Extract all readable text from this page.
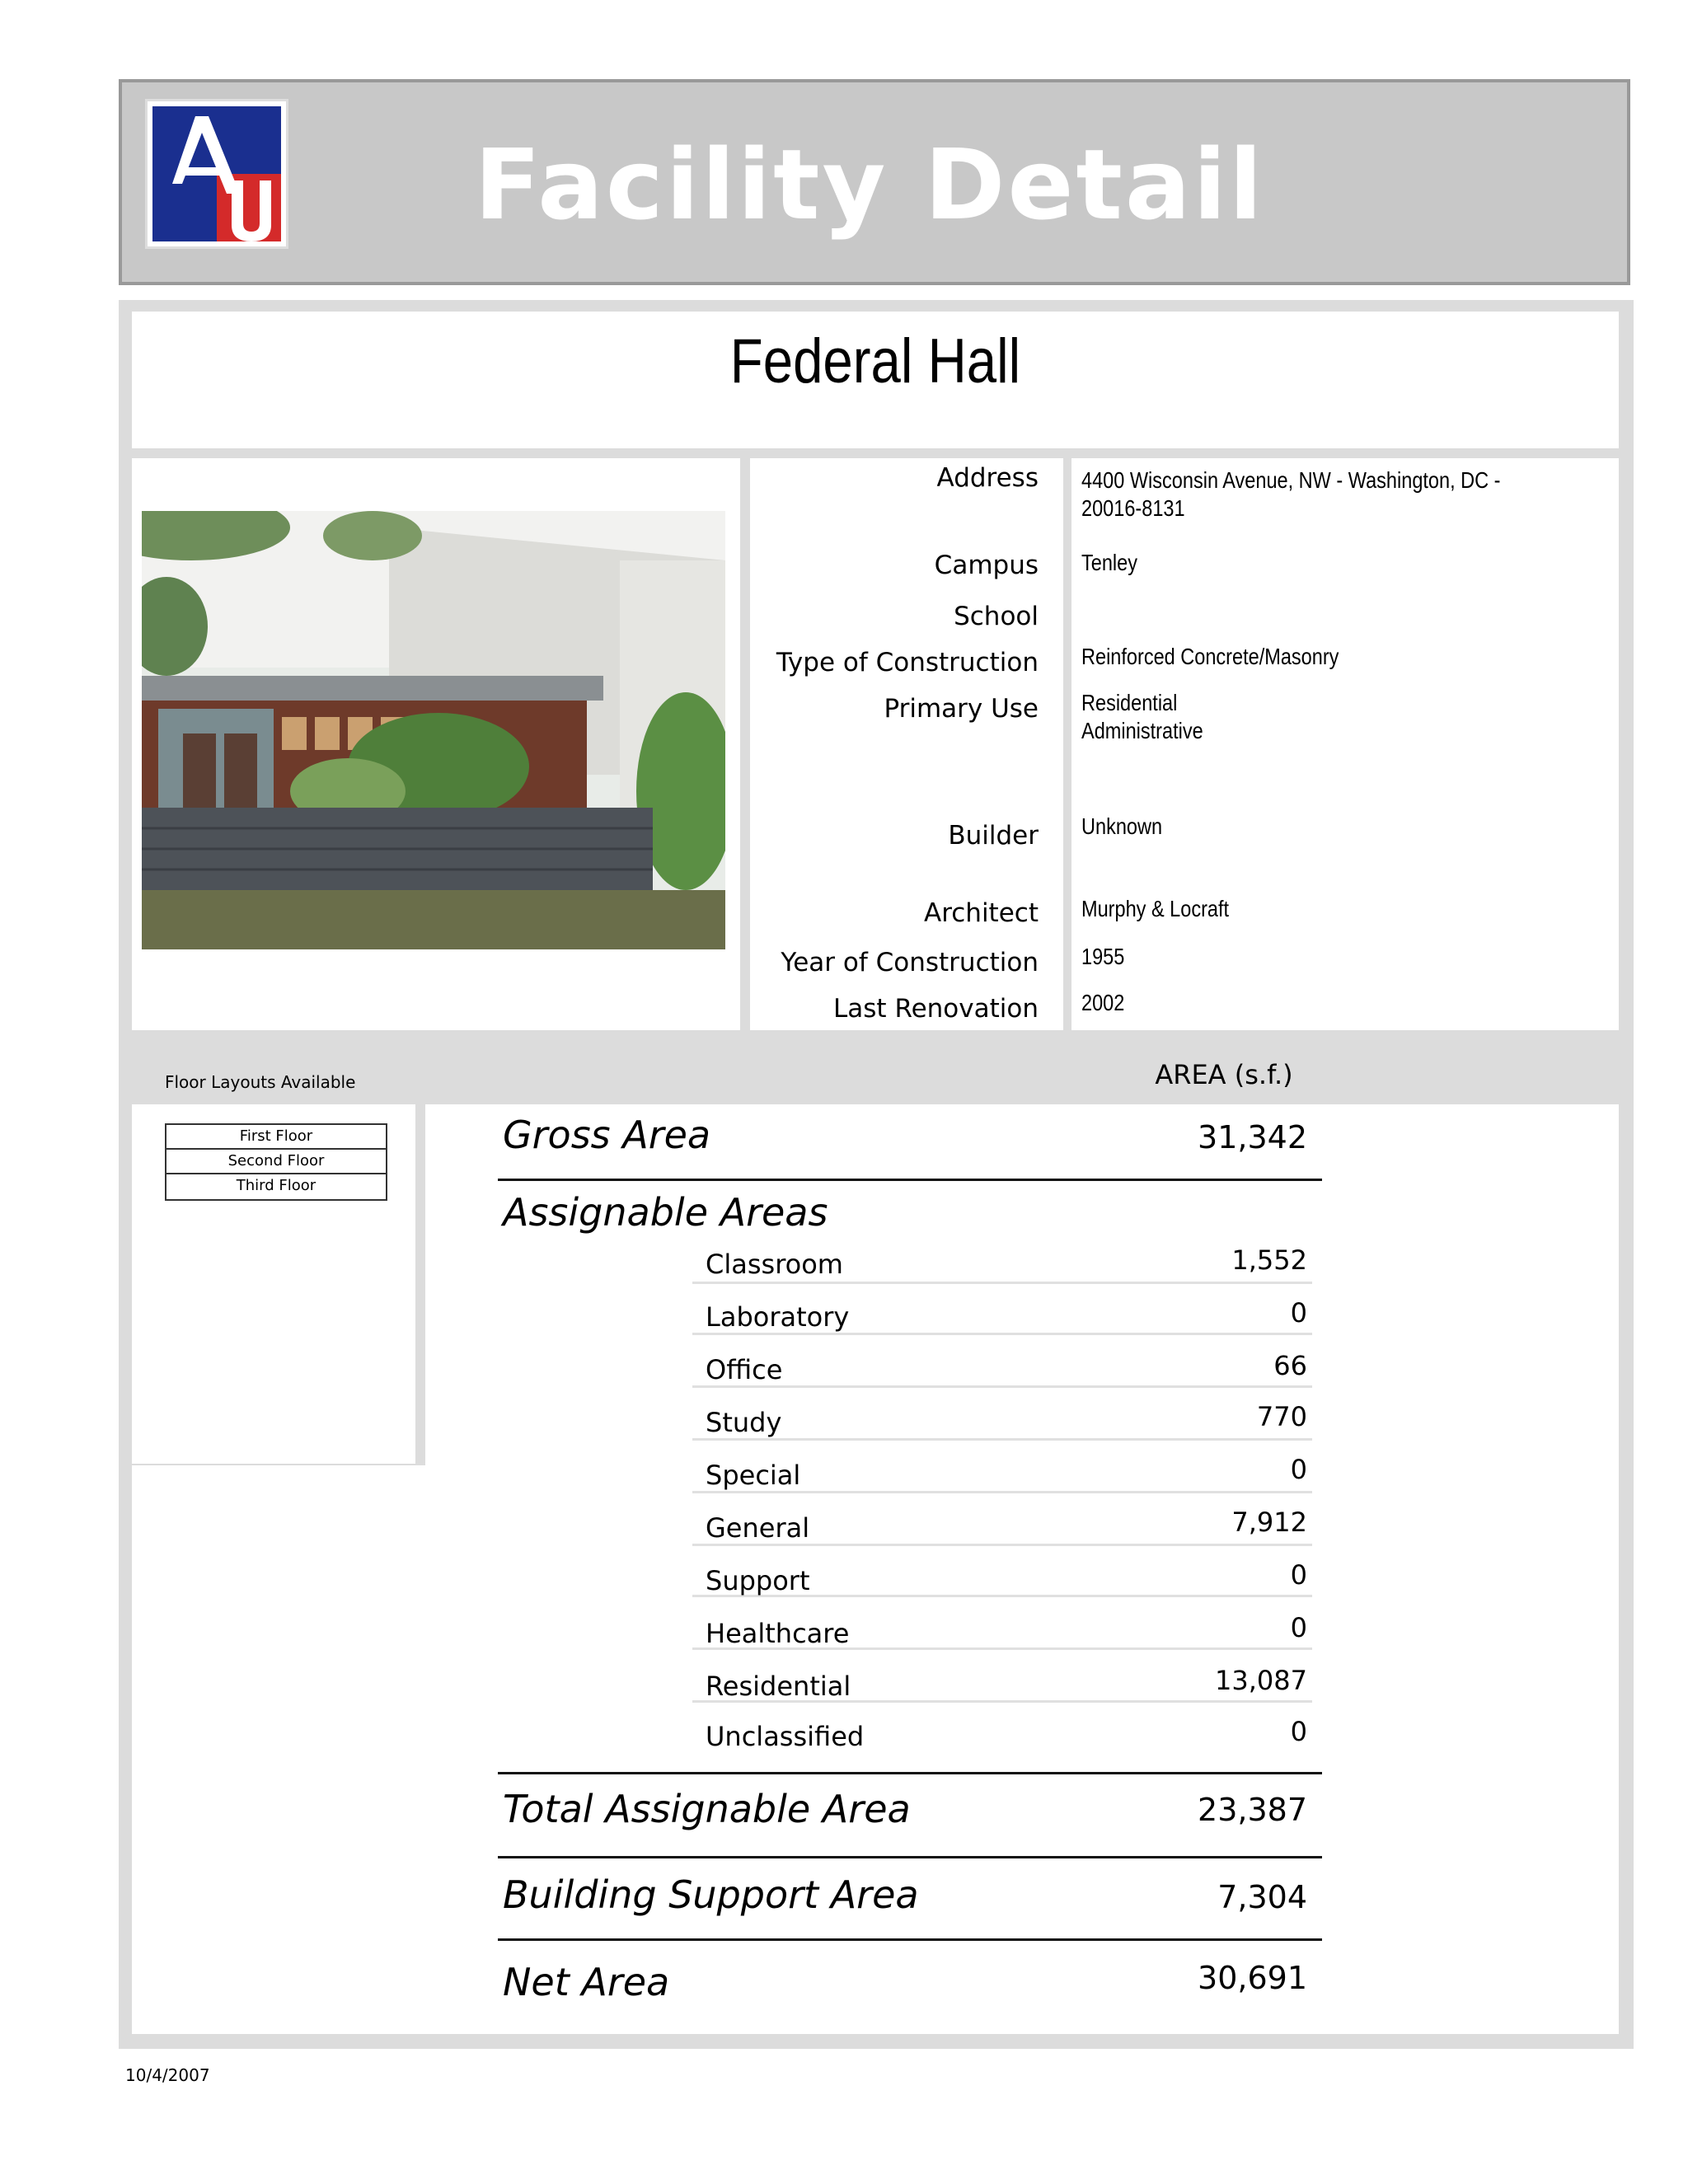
Facility Detail
Federal Hall
Address 4400 Wisconsin Avenue, NW - Washington, DC -
20016-8131
Campus Tenley
School
Type of Construction Reinforced Concrete/Masonry
Primary Use Residential
Administrative
Builder Unknown
Architect Murphy & Locraft
Year of Construction 1955
Last Renovation 2002
Floor Layouts Available	AREA (s.f.)
First Floor
Second Floor
Third Floor
Gross Area	31,342
Assignable Areas
Classroom	1,552
Laboratory	0
Office	66
Study	770
Special	0
General	7,912
Support	0
Healthcare	0
Residential	13,087
Unclassified	0
Total Assignable Area	23,387
Building Support Area	7,304
Net Area	30,691
10/4/2007
